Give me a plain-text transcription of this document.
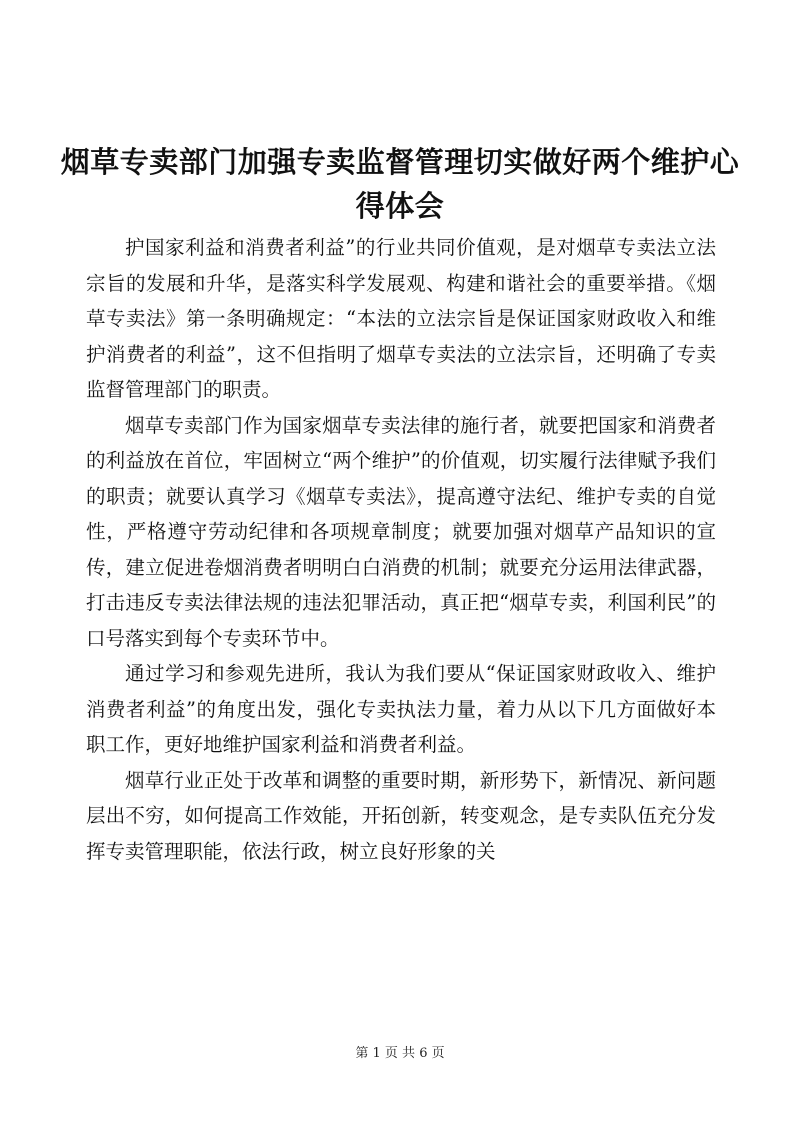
烟草专卖部门加强专卖监督管理切实做好两个维护心得体会

护国家利益和消费者利益”的行业共同价值观，是对烟草专卖法立法宗旨的发展和升华，是落实科学发展观、构建和谐社会的重要举措。《烟草专卖法》第一条明确规定：“本法的立法宗旨是保证国家财政收入和维护消费者的利益”，这不但指明了烟草专卖法的立法宗旨，还明确了专卖监督管理部门的职责。

烟草专卖部门作为国家烟草专卖法律的施行者，就要把国家和消费者的利益放在首位，牢固树立“两个维护”的价值观，切实履行法律赋予我们的职责；就要认真学习《烟草专卖法》，提高遵守法纪、维护专卖的自觉性，严格遵守劳动纪律和各项规章制度；就要加强对烟草产品知识的宣传，建立促进卷烟消费者明明白白消费的机制；就要充分运用法律武器，打击违反专卖法律法规的违法犯罪活动，真正把“烟草专卖，利国利民”的口号落实到每个专卖环节中。

通过学习和参观先进所，我认为我们要从“保证国家财政收入、维护消费者利益”的角度出发，强化专卖执法力量，着力从以下几方面做好本职工作，更好地维护国家利益和消费者利益。

烟草行业正处于改革和调整的重要时期，新形势下，新情况、新问题层出不穷，如何提高工作效能，开拓创新，转变观念，是专卖队伍充分发挥专卖管理职能，依法行政，树立良好形象的关

第 1 页 共 6 页
